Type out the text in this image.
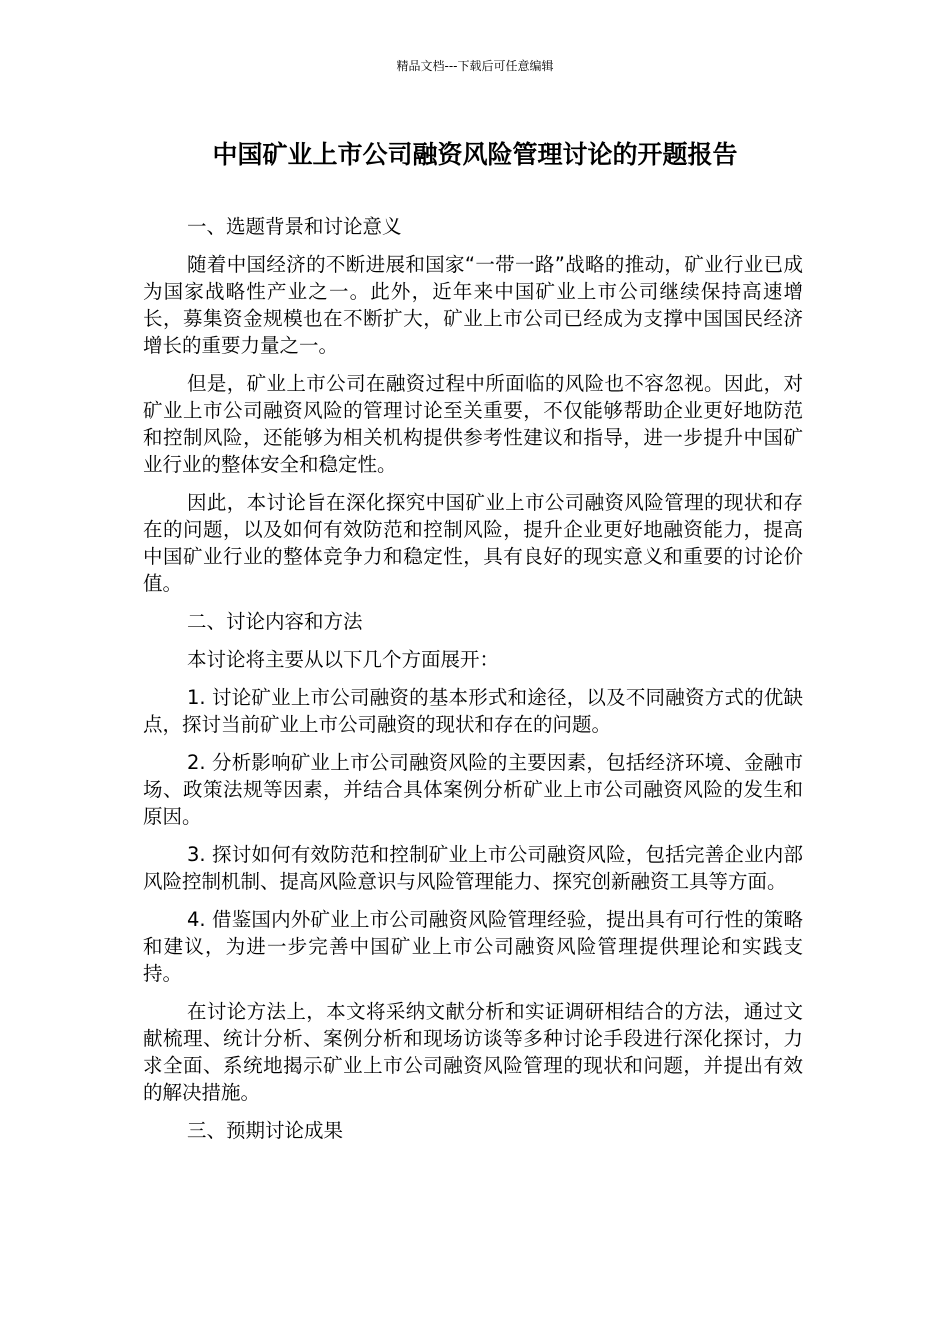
精品文档---下载后可任意编辑
中国矿业上市公司融资风险管理讨论的开题报告
一、选题背景和讨论意义

随着中国经济的不断进展和国家“一带一路”战略的推动，矿业行业已成为国家战略性产业之一。此外，近年来中国矿业上市公司继续保持高速增长，募集资金规模也在不断扩大，矿业上市公司已经成为支撑中国国民经济增长的重要力量之一。

但是，矿业上市公司在融资过程中所面临的风险也不容忽视。因此，对矿业上市公司融资风险的管理讨论至关重要，不仅能够帮助企业更好地防范和控制风险，还能够为相关机构提供参考性建议和指导，进一步提升中国矿业行业的整体安全和稳定性。

因此，本讨论旨在深化探究中国矿业上市公司融资风险管理的现状和存在的问题，以及如何有效防范和控制风险，提升企业更好地融资能力，提高中国矿业行业的整体竞争力和稳定性，具有良好的现实意义和重要的讨论价值。

二、讨论内容和方法

本讨论将主要从以下几个方面展开：

1. 讨论矿业上市公司融资的基本形式和途径，以及不同融资方式的优缺点，探讨当前矿业上市公司融资的现状和存在的问题。

2. 分析影响矿业上市公司融资风险的主要因素，包括经济环境、金融市场、政策法规等因素，并结合具体案例分析矿业上市公司融资风险的发生和原因。

3. 探讨如何有效防范和控制矿业上市公司融资风险，包括完善企业内部风险控制机制、提高风险意识与风险管理能力、探究创新融资工具等方面。

4. 借鉴国内外矿业上市公司融资风险管理经验，提出具有可行性的策略和建议，为进一步完善中国矿业上市公司融资风险管理提供理论和实践支持。

在讨论方法上，本文将采纳文献分析和实证调研相结合的方法，通过文献梳理、统计分析、案例分析和现场访谈等多种讨论手段进行深化探讨，力求全面、系统地揭示矿业上市公司融资风险管理的现状和问题，并提出有效的解决措施。

三、预期讨论成果
